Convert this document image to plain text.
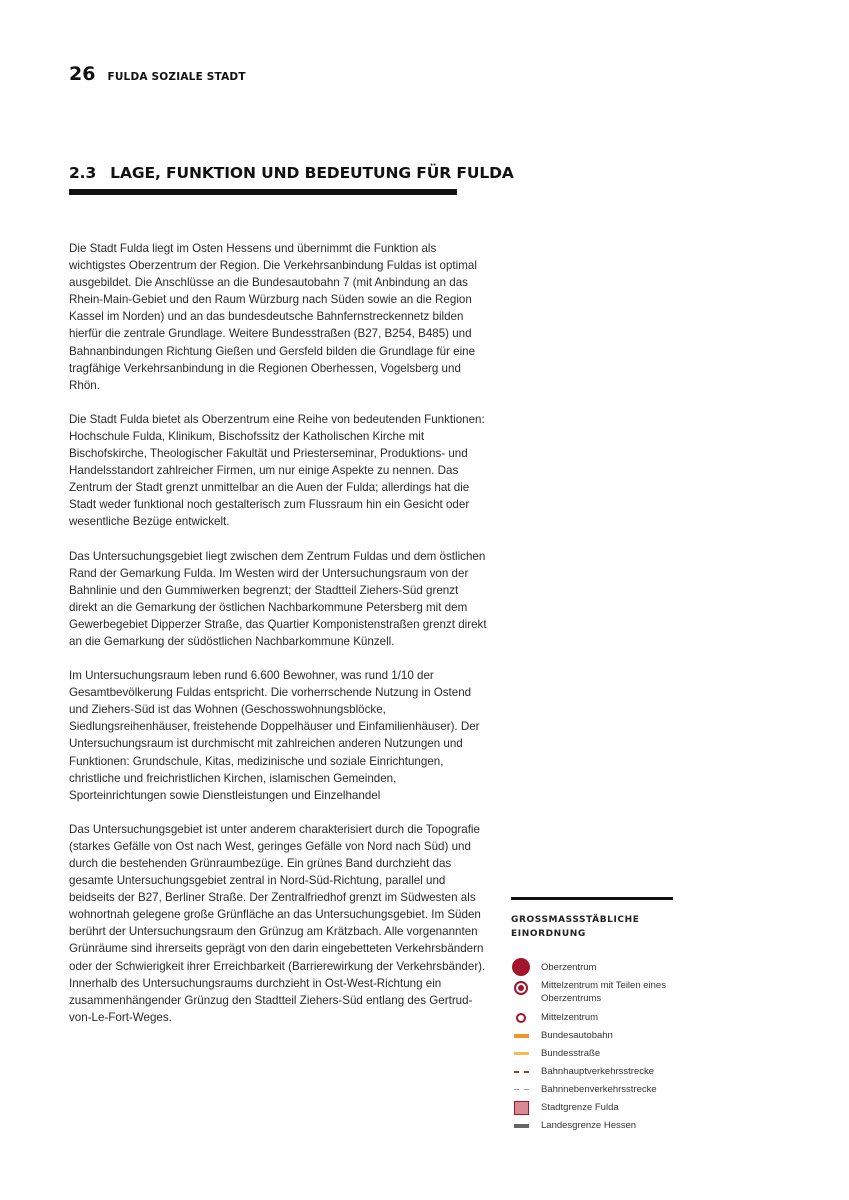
26 FULDA SOZIALE STADT
2.3 LAGE, FUNKTION UND BEDEUTUNG FÜR FULDA

Die Stadt Fulda liegt im Osten Hessens und übernimmt die Funktion als wichtigstes Oberzentrum der Region. Die Verkehrsanbindung Fuldas ist optimal ausgebildet. Die Anschlüsse an die Bundesautobahn 7 (mit Anbindung an das Rhein-Main-Gebiet und den Raum Würzburg nach Süden sowie an die Region Kassel im Norden) und an das bundesdeutsche Bahnfernstreckennetz bilden hierfür die zentrale Grundlage. Weitere Bundesstraßen (B27, B254, B485) und Bahnanbindungen Richtung Gießen und Gersfeld bilden die Grundlage für eine tragfähige Verkehrsanbindung in die Regionen Oberhessen, Vogelsberg und Rhön.

Die Stadt Fulda bietet als Oberzentrum eine Reihe von bedeutenden Funktionen: Hochschule Fulda, Klinikum, Bischofssitz der Katholischen Kirche mit Bischofskirche, Theologischer Fakultät und Priesterseminar, Produktions- und Handelsstandort zahlreicher Firmen, um nur einige Aspekte zu nennen. Das Zentrum der Stadt grenzt unmittelbar an die Auen der Fulda; allerdings hat die Stadt weder funktional noch gestalterisch zum Flussraum hin ein Gesicht oder wesentliche Bezüge entwickelt.

Das Untersuchungsgebiet liegt zwischen dem Zentrum Fuldas und dem östlichen Rand der Gemarkung Fulda. Im Westen wird der Untersuchungsraum von der Bahnlinie und den Gummiwerken begrenzt; der Stadtteil Ziehers-Süd grenzt direkt an die Gemarkung der östlichen Nachbarkommune Petersberg mit dem Gewerbegebiet Dipperzer Straße, das Quartier Komponistenstraßen grenzt direkt an die Gemarkung der südöstlichen Nachbarkommune Künzell.

Im Untersuchungsraum leben rund 6.600 Bewohner, was rund 1/10 der Gesamtbevölkerung Fuldas entspricht. Die vorherrschende Nutzung in Ostend und Ziehers-Süd ist das Wohnen (Geschosswohnungsblöcke, Siedlungsreihenhäuser, freistehende Doppelhäuser und Einfamilienhäuser). Der Untersuchungsraum ist durchmischt mit zahlreichen anderen Nutzungen und Funktionen: Grundschule, Kitas, medizinische und soziale Einrichtungen, christliche und freichristlichen Kirchen, islamischen Gemeinden, Sporteinrichtungen sowie Dienstleistungen und Einzelhandel

Das Untersuchungsgebiet ist unter anderem charakterisiert durch die Topografie (starkes Gefälle von Ost nach West, geringes Gefälle von Nord nach Süd) und durch die bestehenden Grünraumbezüge. Ein grünes Band durchzieht das gesamte Untersuchungsgebiet zentral in Nord-Süd-Richtung, parallel und beidseits der B27, Berliner Straße. Der Zentralfriedhof grenzt im Südwesten als wohnortnah gelegene große Grünfläche an das Untersuchungsgebiet. Im Süden berührt der Untersuchungsraum den Grünzug am Krätzbach. Alle vorgenannten Grünräume sind ihrerseits geprägt von den darin eingebetteten Verkehrsbändern oder der Schwierigkeit ihrer Erreichbarkeit (Barrierewirkung der Verkehrsbänder). Innerhalb des Untersuchungsraums durchzieht in Ost-West-Richtung ein zusammenhängender Grünzug den Stadtteil Ziehers-Süd entlang des Gertrud-von-Le-Fort-Weges.

GROSSMASSSTÄBLICHE
EINORDNUNG
Oberzentrum
Mittelzentrum mit Teilen eines Oberzentrums
Mittelzentrum
Bundesautobahn
Bundesstraße
Bahnhauptverkehrsstrecke
Bahnnebenverkehrsstrecke
Stadtgrenze Fulda
Landesgrenze Hessen
